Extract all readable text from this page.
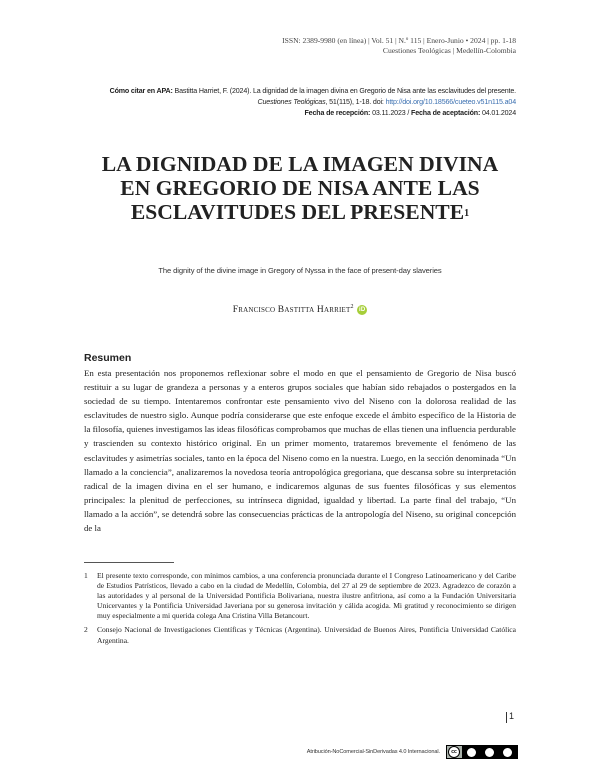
ISSN: 2389-9980 (en línea) | Vol. 51 | N.º 115 | Enero-Junio • 2024 | pp. 1-18
Cuestiones Teológicas | Medellín-Colombia
Cómo citar en APA: Bastitta Harriet, F. (2024). La dignidad de la imagen divina en Gregorio de Nisa ante las esclavitudes del presente.
Cuestiones Teológicas, 51(115), 1-18. doi: http://doi.org/10.18566/cueteo.v51n115.a04
Fecha de recepción: 03.11.2023 / Fecha de aceptación: 04.01.2024
LA DIGNIDAD DE LA IMAGEN DIVINA
EN GREGORIO DE NISA ANTE LAS
ESCLAVITUDES DEL PRESENTE$^1$
The dignity of the divine image in Gregory of Nyssa in the face of present-day slaveries
Francisco Bastitta Harriet$^2$ iD
Resumen

En esta presentación nos proponemos reflexionar sobre el modo en que el pensamiento de Gregorio de Nisa buscó restituir a su lugar de grandeza a personas y a enteros grupos sociales que habían sido rebajados o postergados en la sociedad de su tiempo. Intentaremos confrontar este pensamiento vivo del Niseno con la dolorosa realidad de las esclavitudes de nuestro siglo. Aunque podría considerarse que este enfoque excede el ámbito específico de la Historia de la filosofía, quienes investigamos las ideas filosóficas comprobamos que muchas de ellas tienen una influencia perdurable y trascienden su contexto histórico original. En un primer momento, trataremos brevemente el fenómeno de las esclavitudes y asimetrías sociales, tanto en la época del Niseno como en la nuestra. Luego, en la sección denominada “Un llamado a la conciencia”, analizaremos la novedosa teoría antropológica gregoriana, que descansa sobre su interpretación radical de la imagen divina en el ser humano, e indicaremos algunas de sus fuentes filosóficas y sus elementos principales: la plenitud de perfecciones, su intrínseca dignidad, igualdad y libertad. La parte final del trabajo, “Un llamado a la acción”, se detendrá sobre las consecuencias prácticas de la antropología del Niseno, su original concepción de la

1 El presente texto corresponde, con mínimos cambios, a una conferencia pronunciada durante el I Congreso Latinoamericano y del Caribe de Estudios Patrísticos, llevado a cabo en la ciudad de Medellín, Colombia, del 27 al 29 de septiembre de 2023. Agradezco de corazón a las autoridades y al personal de la Universidad Pontificia Bolivariana, nuestra ilustre anfitriona, así como a la Fundación Universitaria Unicervantes y la Pontificia Universidad Javeriana por su generosa invitación y cálida acogida. Mi gratitud y reconocimiento se dirigen muy especialmente a mi querida colega Ana Cristina Villa Betancourt.
2 Consejo Nacional de Investigaciones Científicas y Técnicas (Argentina). Universidad de Buenos Aires, Pontificia Universidad Católica Argentina.
1
Atribución-NoComercial-SinDerivadas 4.0 Internacional.	cc
